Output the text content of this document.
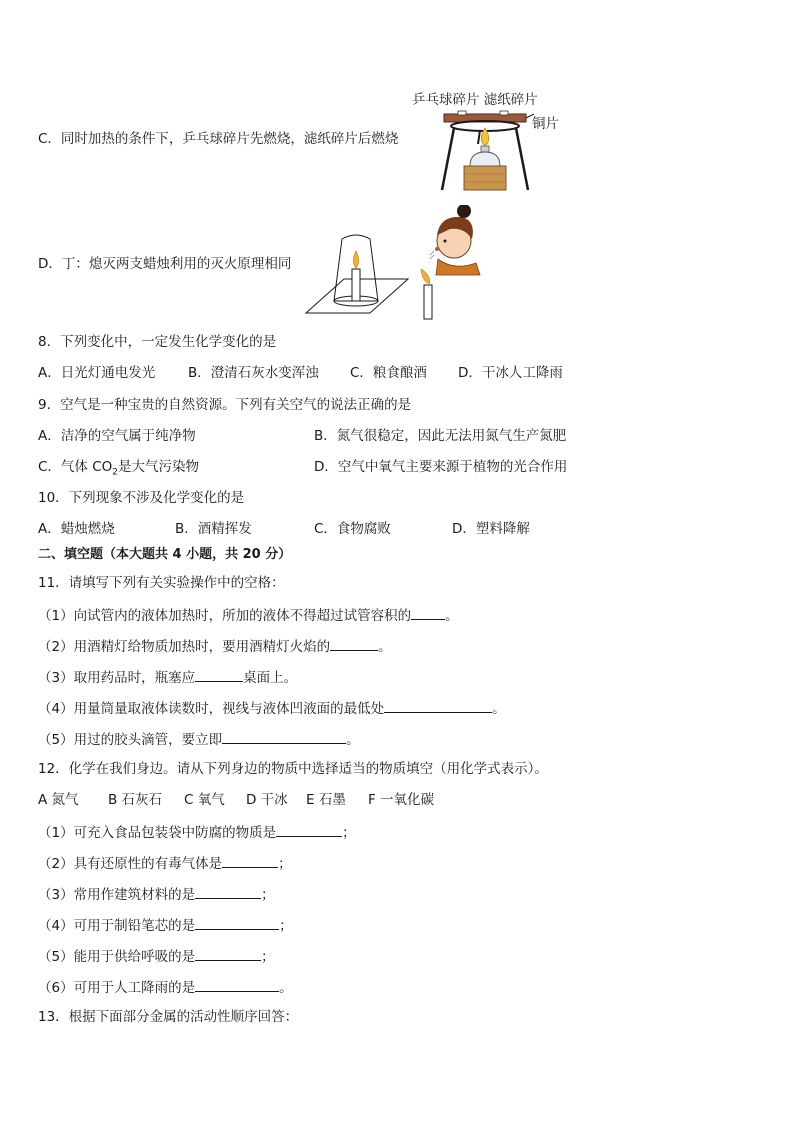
C．同时加热的条件下，乒乓球碎片先燃烧，滤纸碎片后燃烧
乒乓球碎片 滤纸碎片
铜片
D．丁：熄灭两支蜡烛利用的灭火原理相同
8．下列变化中，一定发生化学变化的是
A．日光灯通电发光 B．澄清石灰水变浑浊 C．粮食酿酒 D．干冰人工降雨
9．空气是一种宝贵的自然资源。下列有关空气的说法正确的是
A．洁净的空气属于纯净物	B．氮气很稳定，因此无法用氮气生产氮肥
C．气体 $CO_2$是大气污染物	D．空气中氧气主要来源于植物的光合作用
10．下列现象不涉及化学变化的是
A．蜡烛燃烧	B．酒精挥发	C．食物腐败	D．塑料降解
二、填空题（本大题共 4 小题，共 20 分）
11．请填写下列有关实验操作中的空格：
（1）向试管内的液体加热时，所加的液体不得超过试管容积的	。
（2）用酒精灯给物质加热时，要用酒精灯火焰的	。
（3）取用药品时，瓶塞应	桌面上。
（4）用量筒量取液体读数时，视线与液体凹液面的最低处	。
（5）用过的胶头滴管，要立即	。
12．化学在我们身边。请从下列身边的物质中选择适当的物质填空（用化学式表示）。
A 氮气 B 石灰石 C 氧气 D 干冰 E 石墨 F 一氧化碳
（1）可充入食品包装袋中防腐的物质是	；
（2）具有还原性的有毒气体是	；
（3）常用作建筑材料的是	；
（4）可用于制铅笔芯的是	；
（5）能用于供给呼吸的是	；
（6）可用于人工降雨的是	。
13．根据下面部分金属的活动性顺序回答：
